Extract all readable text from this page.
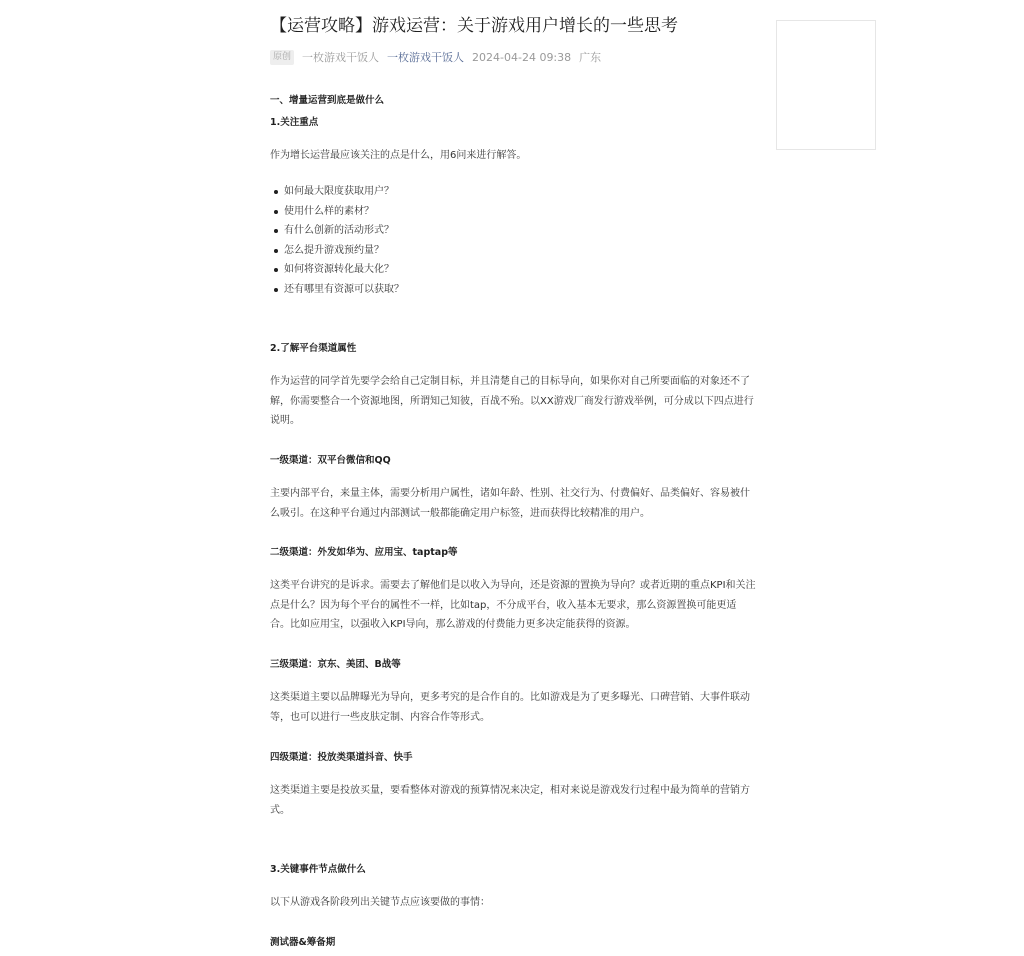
【运营攻略】游戏运营：关于游戏用户增长的一些思考
原创 一枚游戏干饭人 一枚游戏干饭人 2024-04-24 09:38 广东
一、增量运营到底是做什么
1.关注重点
作为增长运营最应该关注的点是什么，用6问来进行解答。
如何最大限度获取用户？
使用什么样的素材？
有什么创新的活动形式？
怎么提升游戏预约量？
如何将资源转化最大化？
还有哪里有资源可以获取？
2.了解平台渠道属性
作为运营的同学首先要学会给自己定制目标，并且清楚自己的目标导向，如果你对自己所要面临的对象还不了解，你需要整合一个资源地图，所谓知己知彼，百战不殆。以XX游戏厂商发行游戏举例，可分成以下四点进行说明。
一级渠道：双平台微信和QQ
主要内部平台，来量主体，需要分析用户属性，诸如年龄、性别、社交行为、付费偏好、品类偏好、容易被什么吸引。在这种平台通过内部测试一般都能确定用户标签，进而获得比较精准的用户。
二级渠道：外发如华为、应用宝、taptap等
这类平台讲究的是诉求。需要去了解他们是以收入为导向，还是资源的置换为导向？或者近期的重点KPI和关注点是什么？因为每个平台的属性不一样，比如tap，不分成平台，收入基本无要求，那么资源置换可能更适合。比如应用宝，以强收入KPI导向，那么游戏的付费能力更多决定能获得的资源。
三级渠道：京东、美团、B战等
这类渠道主要以品牌曝光为导向，更多考究的是合作自的。比如游戏是为了更多曝光、口碑营销、大事件联动等，也可以进行一些皮肤定制、内容合作等形式。
四级渠道：投放类渠道抖音、快手
这类渠道主要是投放买量，要看整体对游戏的预算情况来决定，相对来说是游戏发行过程中最为简单的营销方式。
3.关键事件节点做什么
以下从游戏各阶段列出关键节点应该要做的事情：
测试器&筹备期
